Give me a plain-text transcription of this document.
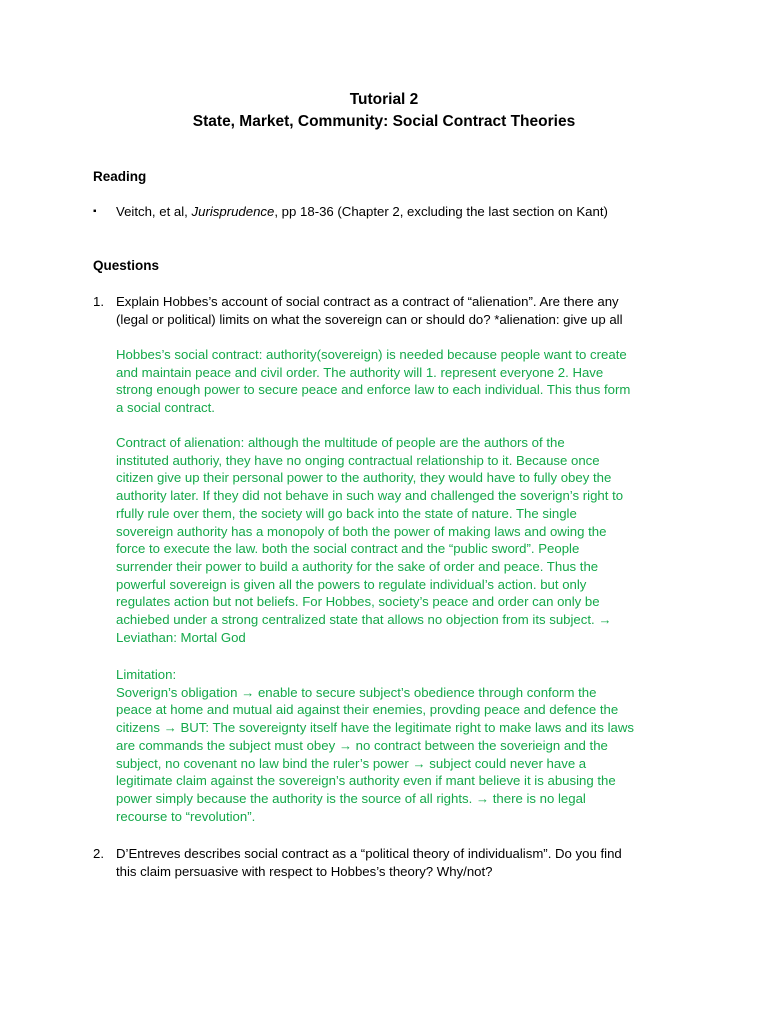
Tutorial 2
State, Market, Community: Social Contract Theories
Reading
▪ Veitch, et al, Jurisprudence, pp 18-36 (Chapter 2, excluding the last section on Kant)
Questions
1. Explain Hobbes’s account of social contract as a contract of “alienation”. Are there any
(legal or political) limits on what the sovereign can or should do? *alienation: give up all
Hobbes’s social contract: authority(sovereign) is needed because people want to create
and maintain peace and civil order. The authority will 1. represent everyone 2. Have
strong enough power to secure peace and enforce law to each individual. This thus form
a social contract.
Contract of alienation: although the multitude of people are the authors of the
instituted authoriy, they have no onging contractual relationship to it. Because once
citizen give up their personal power to the authority, they would have to fully obey the
authority later. If they did not behave in such way and challenged the soverign’s right to
rfully rule over them, the society will go back into the state of nature. The single
sovereign authority has a monopoly of both the power of making laws and owing the
force to execute the law. both the social contract and the “public sword”. People
surrender their power to build a authority for the sake of order and peace. Thus the
powerful sovereign is given all the powers to regulate individual’s action. but only
regulates action but not beliefs. For Hobbes, society’s peace and order can only be
achiebed under a strong centralized state that allows no objection from its subject. →
Leviathan: Mortal God
Limitation:
Soverign’s obligation → enable to secure subject’s obedience through conform the
peace at home and mutual aid against their enemies, provding peace and defence the
citizens → BUT: The sovereignty itself have the legitimate right to make laws and its laws
are commands the subject must obey → no contract between the soverieign and the
subject, no covenant no law bind the ruler’s power → subject could never have a
legitimate claim against the sovereign’s authority even if mant believe it is abusing the
power simply because the authority is the source of all rights. → there is no legal
recourse to “revolution”.
2. D’Entreves describes social contract as a “political theory of individualism”. Do you find
this claim persuasive with respect to Hobbes’s theory? Why/not?
